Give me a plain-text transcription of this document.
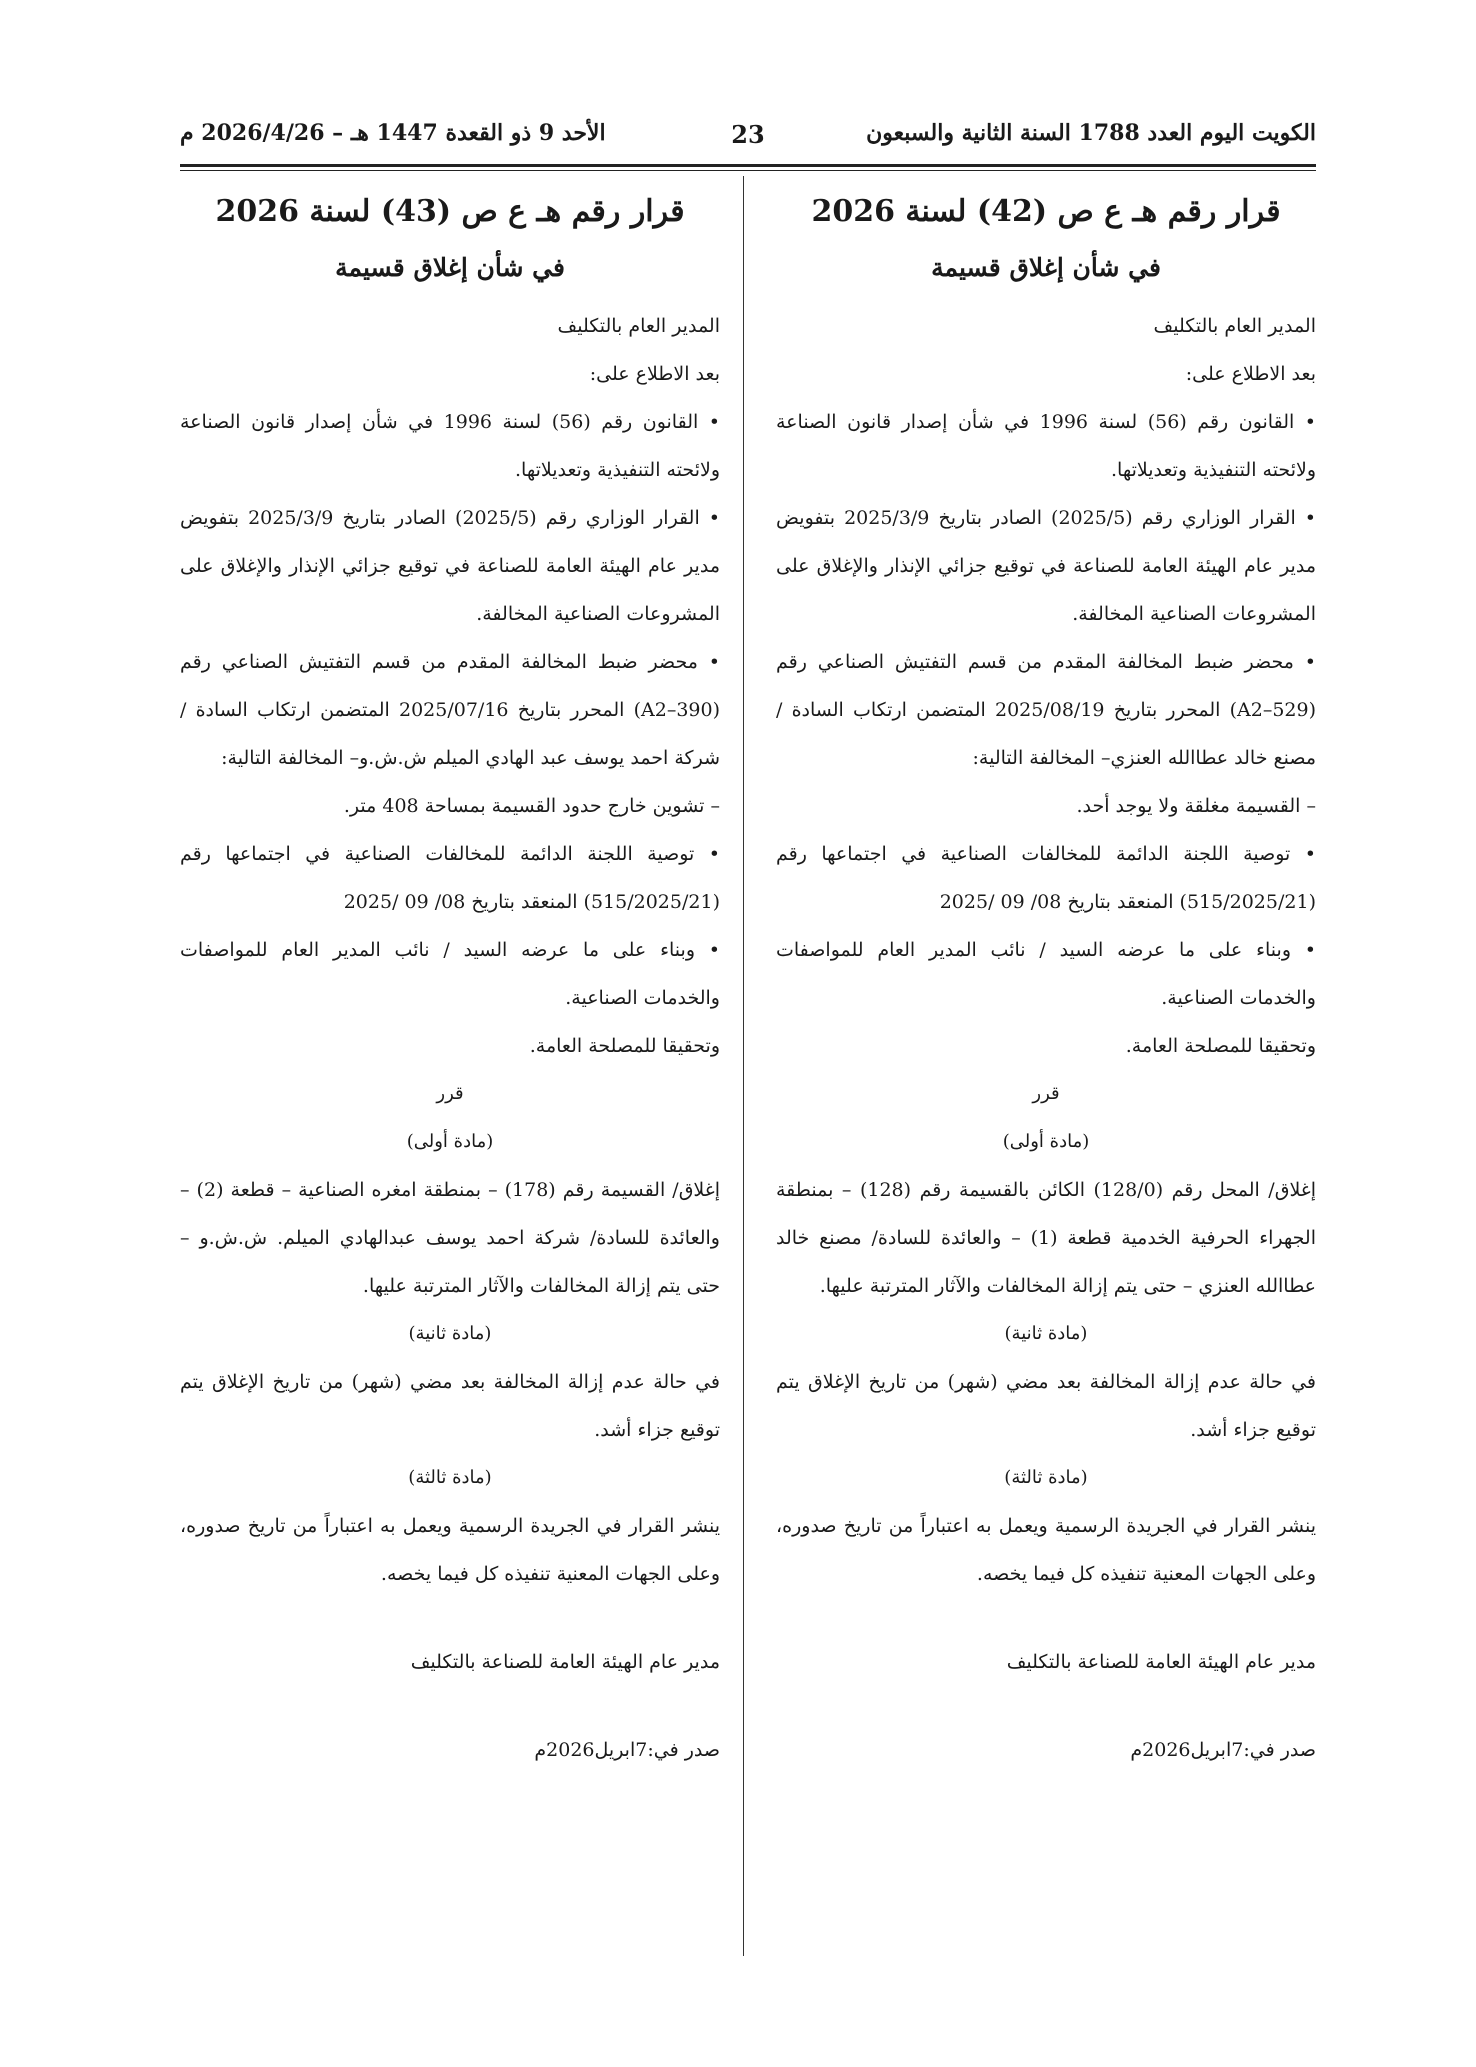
الكويت اليوم العدد 1788 السنة الثانية والسبعون
23
الأحد 9 ذو القعدة 1447 هـ – 2026/4/26 م
قرار رقم هـ ع ص (42) لسنة 2026
في شأن إغلاق قسيمة

المدير العام بالتكليف

بعد الاطلاع على:

• القانون رقم (56) لسنة 1996 في شأن إصدار قانون الصناعة ولائحته التنفيذية وتعديلاتها.

• القرار الوزاري رقم (2025/5) الصادر بتاريخ 2025/3/9 بتفويض مدير عام الهيئة العامة للصناعة في توقيع جزائي الإنذار والإغلاق على المشروعات الصناعية المخالفة.

• محضر ضبط المخالفة المقدم من قسم التفتيش الصناعي رقم (A2–529) المحرر بتاريخ 2025/08/19 المتضمن ارتكاب السادة / مصنع خالد عطاالله العنزي– المخالفة التالية:

– القسيمة مغلقة ولا يوجد أحد.

• توصية اللجنة الدائمة للمخالفات الصناعية في اجتماعها رقم (515/2025/21) المنعقد بتاريخ 08/ 09 /2025

• وبناء على ما عرضه السيد / نائب المدير العام للمواصفات والخدمات الصناعية.

وتحقيقا للمصلحة العامة.

قرر

(مادة أولى)

إغلاق/ المحل رقم (128/0) الكائن بالقسيمة رقم (128) – بمنطقة الجهراء الحرفية الخدمية قطعة (1) – والعائدة للسادة/ مصنع خالد عطاالله العنزي – حتى يتم إزالة المخالفات والآثار المترتبة عليها.

(مادة ثانية)

في حالة عدم إزالة المخالفة بعد مضي (شهر) من تاريخ الإغلاق يتم توقيع جزاء أشد.

(مادة ثالثة)

ينشر القرار في الجريدة الرسمية ويعمل به اعتباراً من تاريخ صدوره، وعلى الجهات المعنية تنفيذه كل فيما يخصه.

مدير عام الهيئة العامة للصناعة بالتكليف

صدر في:7ابريل2026م

قرار رقم هـ ع ص (43) لسنة 2026
في شأن إغلاق قسيمة

المدير العام بالتكليف

بعد الاطلاع على:

• القانون رقم (56) لسنة 1996 في شأن إصدار قانون الصناعة ولائحته التنفيذية وتعديلاتها.

• القرار الوزاري رقم (2025/5) الصادر بتاريخ 2025/3/9 بتفويض مدير عام الهيئة العامة للصناعة في توقيع جزائي الإنذار والإغلاق على المشروعات الصناعية المخالفة.

• محضر ضبط المخالفة المقدم من قسم التفتيش الصناعي رقم (A2–390) المحرر بتاريخ 2025/07/16 المتضمن ارتكاب السادة / شركة احمد يوسف عبد الهادي الميلم ش.ش.و– المخالفة التالية:

– تشوين خارج حدود القسيمة بمساحة 408 متر.

• توصية اللجنة الدائمة للمخالفات الصناعية في اجتماعها رقم (515/2025/21) المنعقد بتاريخ 08/ 09 /2025

• وبناء على ما عرضه السيد / نائب المدير العام للمواصفات والخدمات الصناعية.

وتحقيقا للمصلحة العامة.

قرر

(مادة أولى)

إغلاق/ القسيمة رقم (178) – بمنطقة امغره الصناعية – قطعة (2) – والعائدة للسادة/ شركة احمد يوسف عبدالهادي الميلم. ش.ش.و – حتى يتم إزالة المخالفات والآثار المترتبة عليها.

(مادة ثانية)

في حالة عدم إزالة المخالفة بعد مضي (شهر) من تاريخ الإغلاق يتم توقيع جزاء أشد.

(مادة ثالثة)

ينشر القرار في الجريدة الرسمية ويعمل به اعتباراً من تاريخ صدوره، وعلى الجهات المعنية تنفيذه كل فيما يخصه.

مدير عام الهيئة العامة للصناعة بالتكليف

صدر في:7ابريل2026م
